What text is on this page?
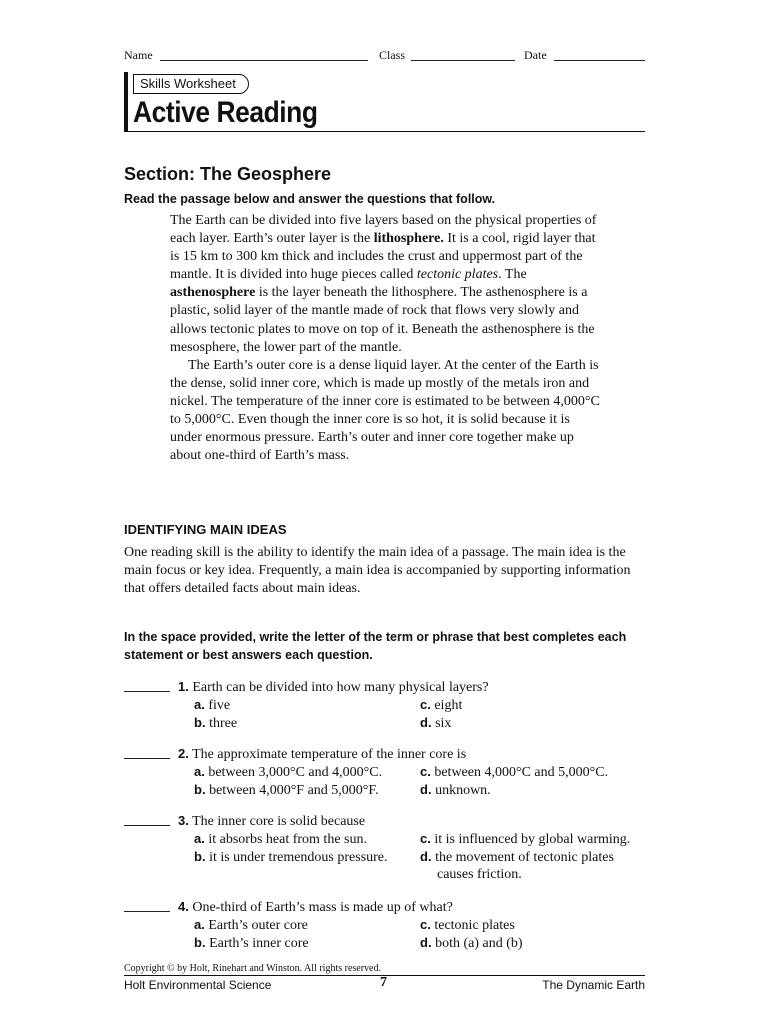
Name	Class	Date
Skills Worksheet
Active Reading
Section: The Geosphere
Read the passage below and answer the questions that follow.

The Earth can be divided into five layers based on the physical properties of each layer. Earth’s outer layer is the lithosphere. It is a cool, rigid layer that is 15 km to 300 km thick and includes the crust and uppermost part of the mantle. It is divided into huge pieces called tectonic plates. The asthenosphere is the layer beneath the lithosphere. The asthenosphere is a plastic, solid layer of the mantle made of rock that flows very slowly and allows tectonic plates to move on top of it. Beneath the asthenosphere is the mesosphere, the lower part of the mantle.

The Earth’s outer core is a dense liquid layer. At the center of the Earth is the dense, solid inner core, which is made up mostly of the metals iron and nickel. The temperature of the inner core is estimated to be between 4,000°C to 5,000°C. Even though the inner core is so hot, it is solid because it is under enormous pressure. Earth’s outer and inner core together make up about one-third of Earth’s mass.

IDENTIFYING MAIN IDEAS

One reading skill is the ability to identify the main idea of a passage. The main idea is the main focus or key idea. Frequently, a main idea is accompanied by supporting information that offers detailed facts about main ideas.

In the space provided, write the letter of the term or phrase that best completes each statement or best answers each question.

1. Earth can be divided into how many physical layers?
a. five
b. three
c. eight
d. six
2. The approximate temperature of the inner core is
a. between 3,000°C and 4,000°C.
b. between 4,000°F and 5,000°F.
c. between 4,000°C and 5,000°C.
d. unknown.
3. The inner core is solid because
a. it absorbs heat from the sun.
b. it is under tremendous pressure.
c. it is influenced by global warming.
d. the movement of tectonic plates
causes friction.
4. One-third of Earth’s mass is made up of what?
a. Earth’s outer core
b. Earth’s inner core
c. tectonic plates
d. both (a) and (b)
Copyright © by Holt, Rinehart and Winston. All rights reserved.
Holt Environmental Science	7	The Dynamic Earth
